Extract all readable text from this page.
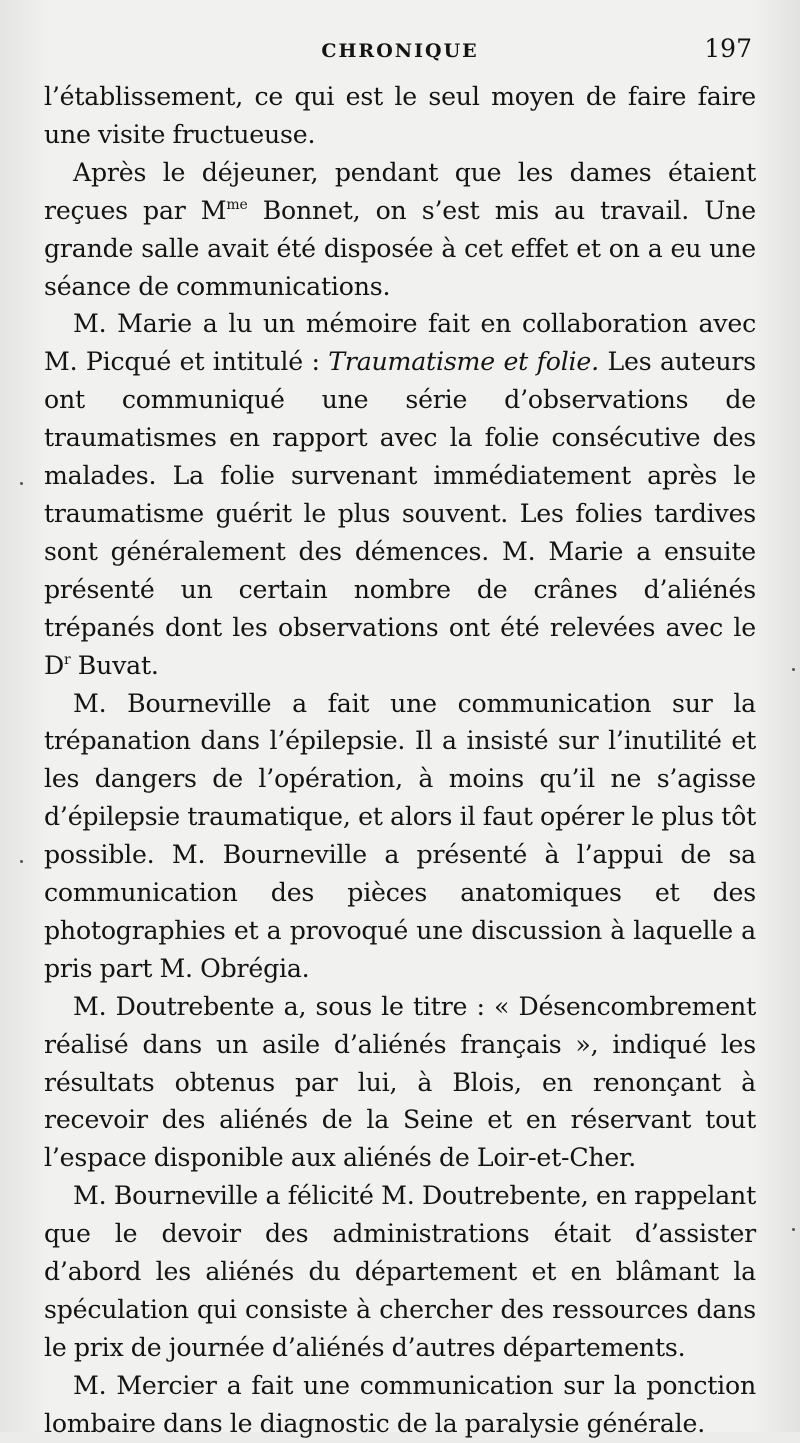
CHRONIQUE	197

l’établissement, ce qui est le seul moyen de faire faire une visite fructueuse.

Après le déjeuner, pendant que les dames étaient reçues par $M^{me}$ Bonnet, on s’est mis au travail. Une grande salle avait été disposée à cet effet et on a eu une séance de communications.

M. Marie a lu un mémoire fait en collaboration avec M. Picqué et intitulé : Traumatisme et folie. Les auteurs ont communiqué une série d’observations de traumatismes en rapport avec la folie consécutive des malades. La folie survenant immédiatement après le traumatisme guérit le plus souvent. Les folies tardives sont généralement des démences. M. Marie a ensuite présenté un certain nombre de crânes d’aliénés trépanés dont les observations ont été relevées avec le $D^r$ Buvat.

M. Bourneville a fait une communication sur la trépanation dans l’épilepsie. Il a insisté sur l’inutilité et les dangers de l’opération, à moins qu’il ne s’agisse d’épilepsie traumatique, et alors il faut opérer le plus tôt possible. M. Bourneville a présenté à l’appui de sa communication des pièces anatomiques et des photographies et a provoqué une discussion à laquelle a pris part M. Obrégia.

M. Doutrebente a, sous le titre : « Désencombrement réalisé dans un asile d’aliénés français », indiqué les résultats obtenus par lui, à Blois, en renonçant à recevoir des aliénés de la Seine et en réservant tout l’espace disponible aux aliénés de Loir-et-Cher.

M. Bourneville a félicité M. Doutrebente, en rappelant que le devoir des administrations était d’assister d’abord les aliénés du département et en blâmant la spéculation qui consiste à chercher des ressources dans le prix de journée d’aliénés d’autres départements.

M. Mercier a fait une communication sur la ponction lombaire dans le diagnostic de la paralysie générale.
